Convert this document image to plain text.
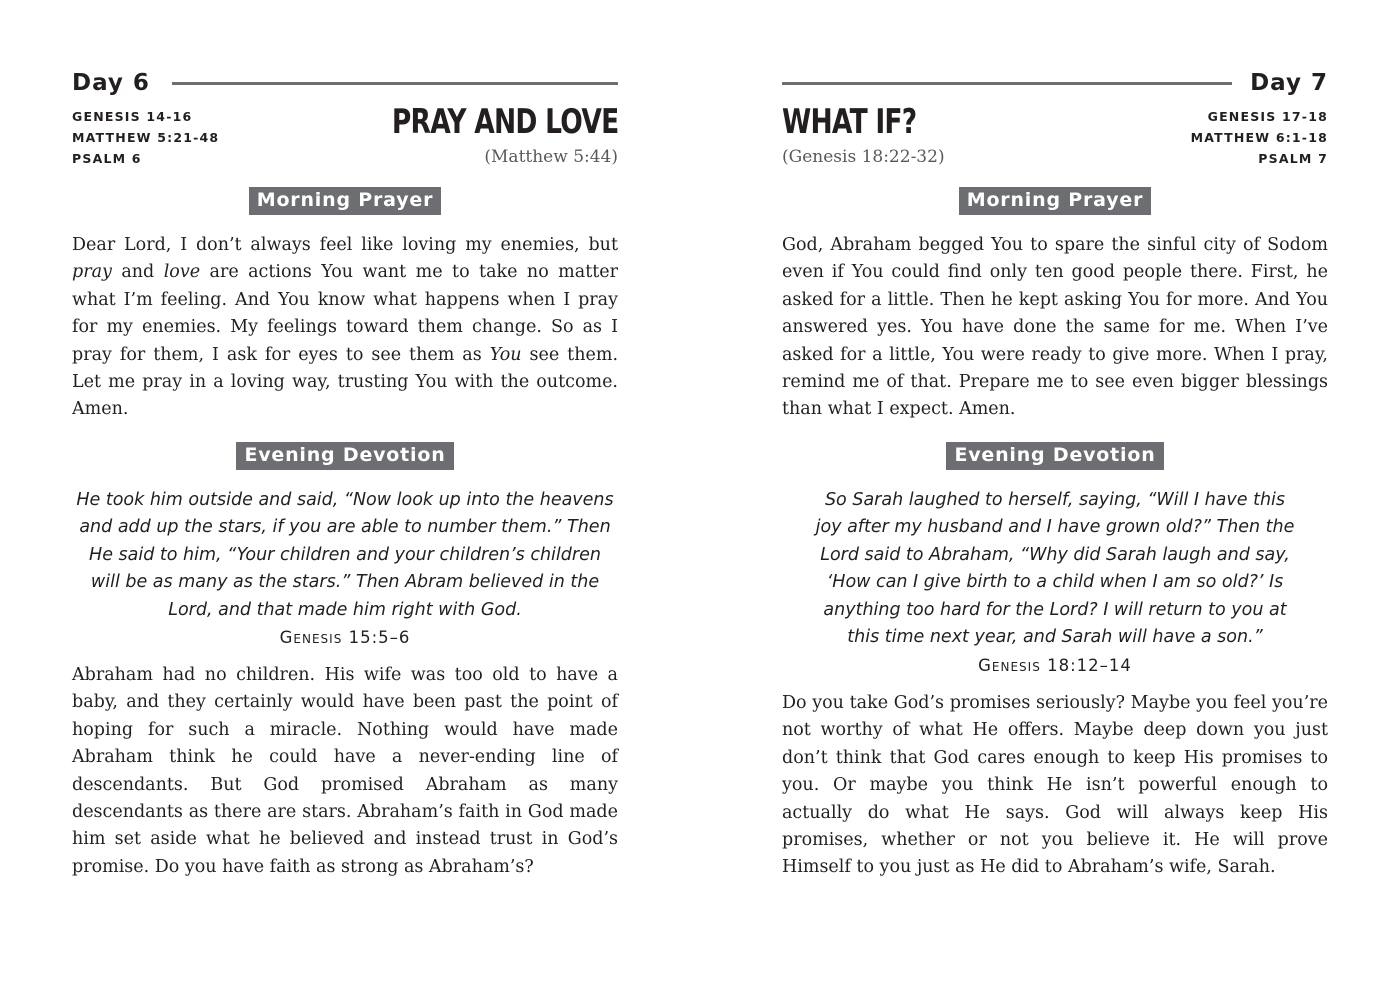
Day 6
GENESIS 14-16
MATTHEW 5:21-48
PSALM 6
PRAY AND LOVE
(Matthew 5:44)
Morning Prayer

Dear Lord, I don’t always feel like loving my enemies, but pray and love are actions You want me to take no matter what I’m feeling. And You know what happens when I pray for my enemies. My feelings toward them change. So as I pray for them, I ask for eyes to see them as You see them. Let me pray in a loving way, trusting You with the outcome. Amen.

Evening Devotion

He took him outside and said, “Now look up into the heavens and add up the stars, if you are able to number them.” Then He said to him, “Your children and your children’s children will be as many as the stars.” Then Abram believed in the Lord, and that made him right with God.

Genesis 15:5–6

Abraham had no children. His wife was too old to have a baby, and they certainly would have been past the point of hoping for such a miracle. Nothing would have made Abraham think he could have a never-ending line of descendants. But God promised Abraham as many descendants as there are stars. Abraham’s faith in God made him set aside what he believed and instead trust in God’s promise. Do you have faith as strong as Abraham’s?

Day 7
GENESIS 17-18
MATTHEW 6:1-18
PSALM 7
WHAT IF?
(Genesis 18:22-32)
Morning Prayer

God, Abraham begged You to spare the sinful city of Sodom even if You could find only ten good people there. First, he asked for a little. Then he kept asking You for more. And You answered yes. You have done the same for me. When I’ve asked for a little, You were ready to give more. When I pray, remind me of that. Prepare me to see even bigger blessings than what I expect. Amen.

Evening Devotion

So Sarah laughed to herself, saying, “Will I have this joy after my husband and I have grown old?” Then the Lord said to Abraham, “Why did Sarah laugh and say, ‘How can I give birth to a child when I am so old?’ Is anything too hard for the Lord? I will return to you at this time next year, and Sarah will have a son.”

Genesis 18:12–14

Do you take God’s promises seriously? Maybe you feel you’re not worthy of what He offers. Maybe deep down you just don’t think that God cares enough to keep His promises to you. Or maybe you think He isn’t powerful enough to actually do what He says. God will always keep His promises, whether or not you believe it. He will prove Himself to you just as He did to Abraham’s wife, Sarah.
